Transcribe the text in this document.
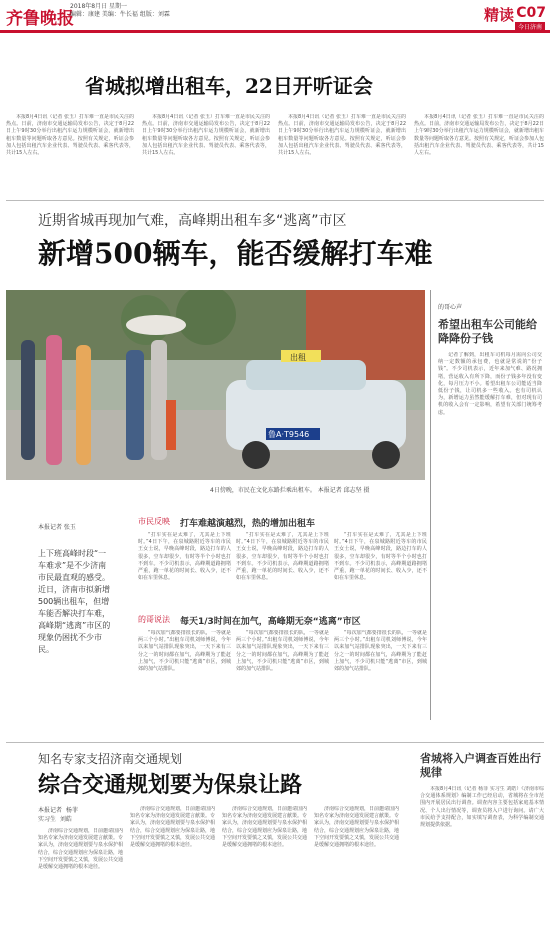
齐鲁晚报
2018年8月日 星期一
编辑：康建 美编：牛长福 组版：刘霖	精读 C07
今日济南
省城拟增出租车，22日开听证会
本报8月4日讯（记者 张玉）打车难一直是市民关注的热点。日前，济南市交通运输局发布公告，决定于8月22日上午9时30分举行出租汽车运力规模听证会，就新增出租车数量等问题听取各方意见。按照有关规定，听证会参加人包括出租汽车企业代表、驾驶员代表、乘客代表等，共计15人左右。
本报8月4日讯（记者 张玉）打车难一直是市民关注的热点。日前，济南市交通运输局发布公告，决定于8月22日上午9时30分举行出租汽车运力规模听证会，就新增出租车数量等问题听取各方意见。按照有关规定，听证会参加人包括出租汽车企业代表、驾驶员代表、乘客代表等，共计15人左右。
本报8月4日讯（记者 张玉）打车难一直是市民关注的热点。日前，济南市交通运输局发布公告，决定于8月22日上午9时30分举行出租汽车运力规模听证会，就新增出租车数量等问题听取各方意见。按照有关规定，听证会参加人包括出租汽车企业代表、驾驶员代表、乘客代表等，共计15人左右。
本报8月4日讯（记者 张玉）打车难一直是市民关注的热点。日前，济南市交通运输局发布公告，决定于8月22日上午9时30分举行出租汽车运力规模听证会，就新增出租车数量等问题听取各方意见。按照有关规定，听证会参加人包括出租汽车企业代表、驾驶员代表、乘客代表等，共计15人左右。
近期省城再现加气难，高峰期出租车多“逃离”市区
新增500辆车，能否缓解打车难
出租
鲁A·T9546
4日傍晚，市民在文化东路拦乘出租车。 本报记者 邱志坚 摄
本报记者 张玉
上下班高峰时段“一车难求”是不少济南市民最直观的感受。近日，济南市拟新增500辆出租车，但增车能否解决打车难，高峰期“逃离”市区的现象仍困扰不少市民。
市民反映 打车难越演越烈，热的增加出租车
“打车实在是太难了，尤其是上下班时。”4日下午，在泉城路附近等车的市民王女士说，早晚高峰时段，路边打车的人很多，空车却很少，有时等半个小时也打不到车。不少司机表示，高峰期道路拥堵严重，跑一单花的时间长、收入少，还不如在车里休息。
“打车实在是太难了，尤其是上下班时。”4日下午，在泉城路附近等车的市民王女士说，早晚高峰时段，路边打车的人很多，空车却很少，有时等半个小时也打不到车。不少司机表示，高峰期道路拥堵严重，跑一单花的时间长、收入少，还不如在车里休息。
“打车实在是太难了，尤其是上下班时。”4日下午，在泉城路附近等车的市民王女士说，早晚高峰时段，路边打车的人很多，空车却很少，有时等半个小时也打不到车。不少司机表示，高峰期道路拥堵严重，跑一单花的时间长、收入少，还不如在车里休息。
的哥说法 每天1/3时间在加气，高峰期无奈“逃离”市区
“每次加气都要排很长的队，一等就是两三个小时。”出租车司机刘师傅说，今年以来加气站排队现象突出，一天下来有三分之一的时间都在加气，高峰期为了能赶上加气，不少司机只能“逃离”市区，到城郊的加气站排队。
“每次加气都要排很长的队，一等就是两三个小时。”出租车司机刘师傅说，今年以来加气站排队现象突出，一天下来有三分之一的时间都在加气，高峰期为了能赶上加气，不少司机只能“逃离”市区，到城郊的加气站排队。
“每次加气都要排很长的队，一等就是两三个小时。”出租车司机刘师傅说，今年以来加气站排队现象突出，一天下来有三分之一的时间都在加气，高峰期为了能赶上加气，不少司机只能“逃离”市区，到城郊的加气站排队。
的哥心声
希望出租车公司能给降降份子钱
记者了解到，出租车司机每月需向公司交纳一定数额的承包费，也就是常说的“份子钱”。不少司机表示，近年来加气难、路况拥堵，营运收入有所下降，而份子钱多年没有变化，每月压力不小。希望出租车公司能适当降低份子钱，让司机多一些收入。也有司机认为，新增运力虽然能缓解打车难，但对现有司机的收入会有一定影响，希望有关部门统筹考虑。
知名专家支招济南交通规划
综合交通规划要为保泉让路
本报记者  杨菲
实习生  刘皓
济南综合交通规划，日前邀请国内知名专家为济南交通发展建言献策。专家认为，济南交通规划要与泉水保护相结合，综合交通规划应为保泉让路，地下空间开发要慎之又慎，发展公共交通是缓解交通拥堵的根本途径。
济南综合交通规划，日前邀请国内知名专家为济南交通发展建言献策。专家认为，济南交通规划要与泉水保护相结合，综合交通规划应为保泉让路，地下空间开发要慎之又慎，发展公共交通是缓解交通拥堵的根本途径。
济南综合交通规划，日前邀请国内知名专家为济南交通发展建言献策。专家认为，济南交通规划要与泉水保护相结合，综合交通规划应为保泉让路，地下空间开发要慎之又慎，发展公共交通是缓解交通拥堵的根本途径。
济南综合交通规划，日前邀请国内知名专家为济南交通发展建言献策。专家认为，济南交通规划要与泉水保护相结合，综合交通规划应为保泉让路，地下空间开发要慎之又慎，发展公共交通是缓解交通拥堵的根本途径。
省城将入户调查百姓出行规律
本报8月4日讯（记者 杨菲 实习生 刘皓）《济南市综合交通体系规划》编制工作已经启动，省城将在全市范围内开展居民出行调查。调查内容主要包括家庭基本情况、个人出行情况等，调查员将入户进行询问。请广大市民给予支持配合，如实填写调查表，为科学编制交通规划提供依据。
